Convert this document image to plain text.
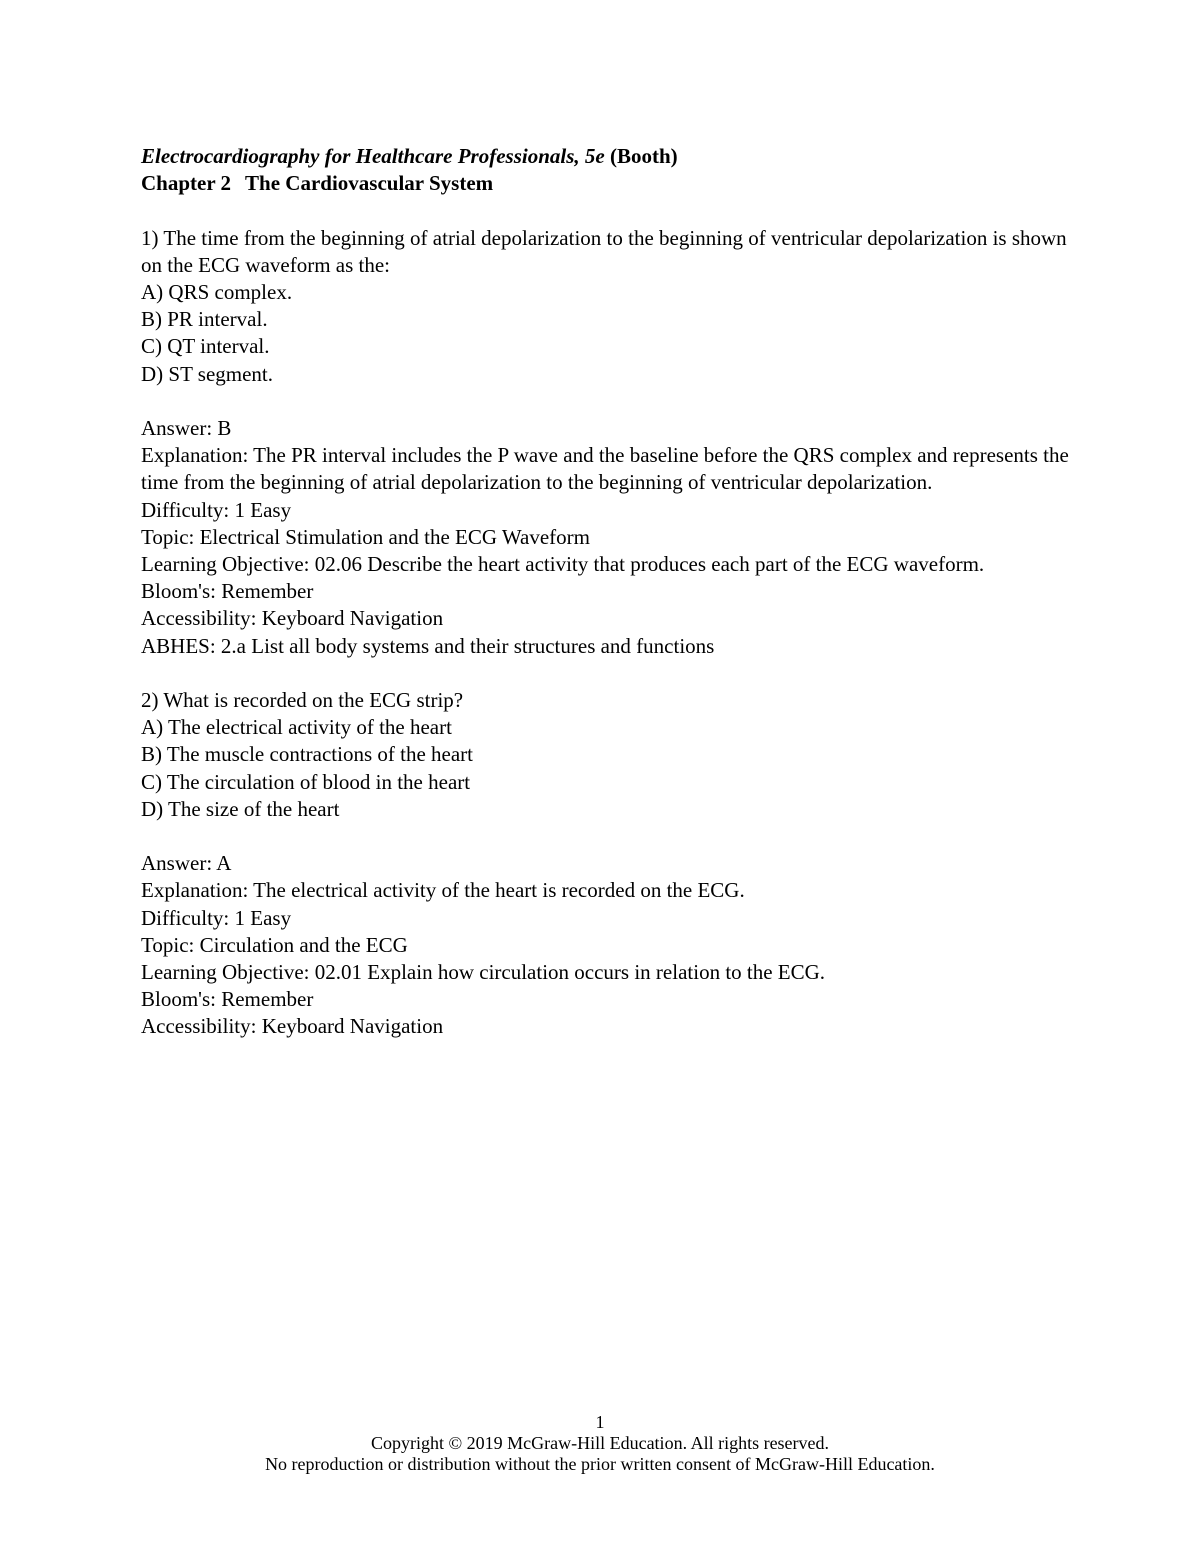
Electrocardiography for Healthcare Professionals, 5e (Booth)
Chapter 2 The Cardiovascular System
1) The time from the beginning of atrial depolarization to the beginning of ventricular depolarization is shown on the ECG waveform as the:
A) QRS complex.
B) PR interval.
C) QT interval.
D) ST segment.
Answer: B
Explanation: The PR interval includes the P wave and the baseline before the QRS complex and represents the time from the beginning of atrial depolarization to the beginning of ventricular depolarization.
Difficulty: 1 Easy
Topic: Electrical Stimulation and the ECG Waveform
Learning Objective: 02.06 Describe the heart activity that produces each part of the ECG waveform.
Bloom's: Remember
Accessibility: Keyboard Navigation
ABHES: 2.a List all body systems and their structures and functions
2) What is recorded on the ECG strip?
A) The electrical activity of the heart
B) The muscle contractions of the heart
C) The circulation of blood in the heart
D) The size of the heart
Answer: A
Explanation: The electrical activity of the heart is recorded on the ECG.
Difficulty: 1 Easy
Topic: Circulation and the ECG
Learning Objective: 02.01 Explain how circulation occurs in relation to the ECG.
Bloom's: Remember
Accessibility: Keyboard Navigation
1
Copyright © 2019 McGraw-Hill Education. All rights reserved.
No reproduction or distribution without the prior written consent of McGraw-Hill Education.
